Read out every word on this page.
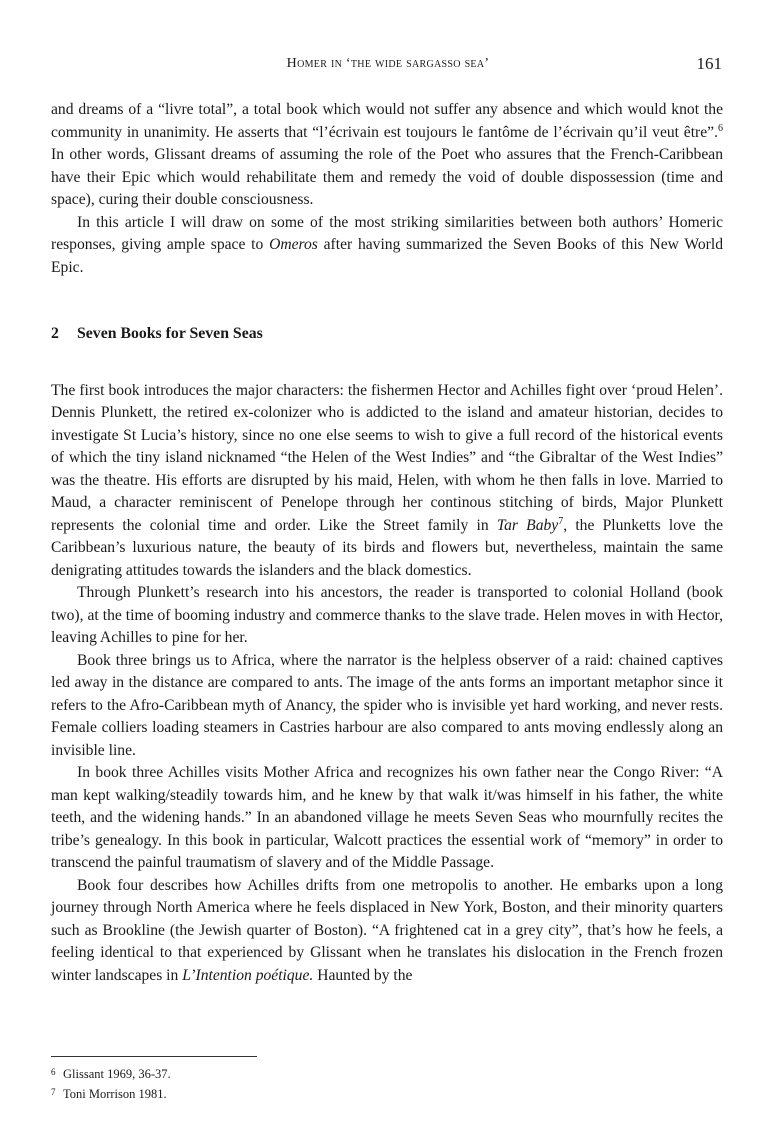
Homer in ‘the wide sargasso sea’	161

and dreams of a “livre total”, a total book which would not suffer any absence and which would knot the community in unanimity. He asserts that “l’écrivain est toujours le fantôme de l’écrivain qu’il veut être”.$^6$ In other words, Glissant dreams of assuming the role of the Poet who assures that the French-Caribbean have their Epic which would rehabilitate them and remedy the void of double dispossession (time and space), curing their double consciousness.

In this article I will draw on some of the most striking similarities between both authors’ Homeric responses, giving ample space to Omeros after having summarized the Seven Books of this New World Epic.

2 Seven Books for Seven Seas

The first book introduces the major characters: the fishermen Hector and Achilles fight over ‘proud Helen’. Dennis Plunkett, the retired ex-colonizer who is addicted to the island and amateur historian, decides to investigate St Lucia’s history, since no one else seems to wish to give a full record of the historical events of which the tiny island nicknamed “the Helen of the West Indies” and “the Gibraltar of the West Indies” was the theatre. His efforts are disrupted by his maid, Helen, with whom he then falls in love. Married to Maud, a character reminiscent of Penelope through her continous stitching of birds, Major Plunkett represents the colonial time and order. Like the Street family in Tar Baby$^7$, the Plunketts love the Caribbean’s luxurious nature, the beauty of its birds and flowers but, nevertheless, maintain the same denigrating attitudes towards the islanders and the black domestics.

Through Plunkett’s research into his ancestors, the reader is transported to colonial Holland (book two), at the time of booming industry and commerce thanks to the slave trade. Helen moves in with Hector, leaving Achilles to pine for her.

Book three brings us to Africa, where the narrator is the helpless observer of a raid: chained captives led away in the distance are compared to ants. The image of the ants forms an important metaphor since it refers to the Afro-Caribbean myth of Anancy, the spider who is invisible yet hard working, and never rests. Female colliers loading steamers in Castries harbour are also compared to ants moving endlessly along an invisible line.

In book three Achilles visits Mother Africa and recognizes his own father near the Congo River: “A man kept walking/steadily towards him, and he knew by that walk it/was himself in his father, the white teeth, and the widening hands.” In an abandoned village he meets Seven Seas who mournfully recites the tribe’s genealogy. In this book in particular, Walcott practices the essential work of “memory” in order to transcend the painful traumatism of slavery and of the Middle Passage.

Book four describes how Achilles drifts from one metropolis to another. He embarks upon a long journey through North America where he feels displaced in New York, Boston, and their minority quarters such as Brookline (the Jewish quarter of Boston). “A frightened cat in a grey city”, that’s how he feels, a feeling identical to that experienced by Glissant when he translates his dislocation in the French frozen winter landscapes in L’Intention poétique. Haunted by the

6 Glissant 1969, 36-37.

7 Toni Morrison 1981.
